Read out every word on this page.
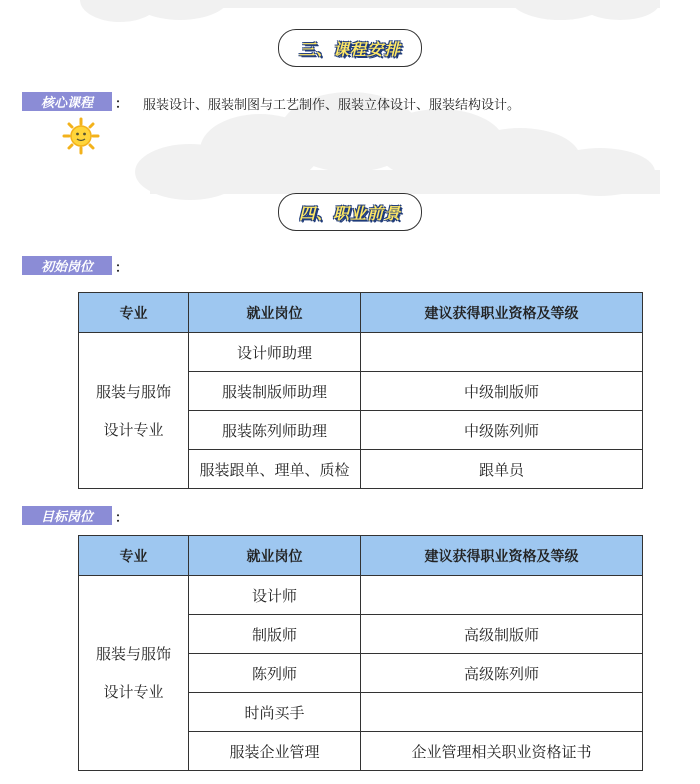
三、课程安排
核心课程	： 服装设计、服装制图与工艺制作、服装立体设计、服装结构设计。
四、职业前景
初始岗位	：
专业	就业岗位	建议获得职业资格及等级

服装与服饰
设计专业	设计师助理	
	服装制版师助理	中级制版师
	服装陈列师助理	中级陈列师
	服装跟单、理单、质检	跟单员
目标岗位	：
专业	就业岗位	建议获得职业资格及等级

服装与服饰
设计专业	设计师	
	制版师	高级制版师
	陈列师	高级陈列师
	时尚买手	
	服装企业管理	企业管理相关职业资格证书
